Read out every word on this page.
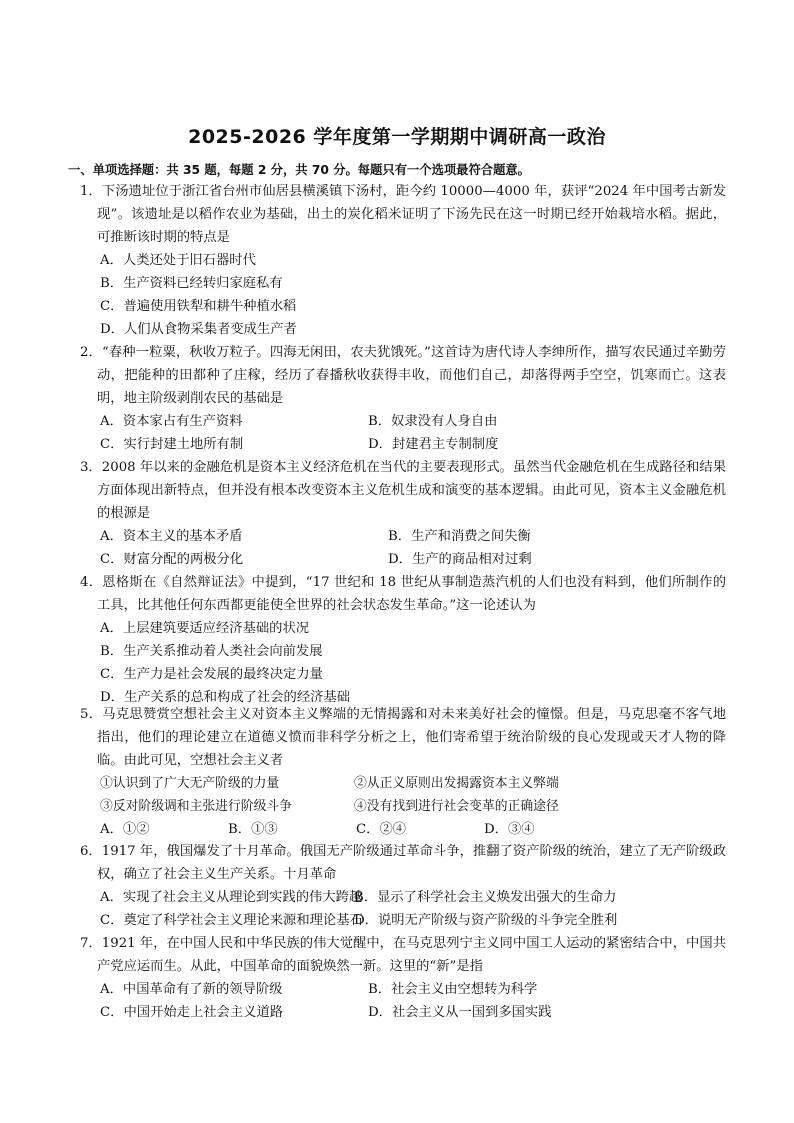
2025-2026 学年度第一学期期中调研高一政治
一、单项选择题：共 35 题，每题 2 分，共 70 分。每题只有一个选项最符合题意。
1．下汤遗址位于浙江省台州市仙居县横溪镇下汤村，距今约 10000—4000 年，获评“2024 年中国考古新发现”。该遗址是以稻作农业为基础，出土的炭化稻米证明了下汤先民在这一时期已经开始栽培水稻。据此，可推断该时期的特点是
A．人类还处于旧石器时代
B．生产资料已经转归家庭私有
C．普遍使用铁犁和耕牛种植水稻
D．人们从食物采集者变成生产者
2．“春种一粒粟，秋收万粒子。四海无闲田，农夫犹饿死。”这首诗为唐代诗人李绅所作，描写农民通过辛勤劳动，把能种的田都种了庄稼，经历了春播秋收获得丰收，而他们自己，却落得两手空空，饥寒而亡。这表明，地主阶级剥削农民的基础是
A．资本家占有生产资料	B．奴隶没有人身自由
C．实行封建土地所有制	D．封建君主专制制度
3．2008 年以来的金融危机是资本主义经济危机在当代的主要表现形式。虽然当代金融危机在生成路径和结果方面体现出新特点，但并没有根本改变资本主义危机生成和演变的基本逻辑。由此可见，资本主义金融危机的根源是
A．资本主义的基本矛盾	B．生产和消费之间失衡
C．财富分配的两极分化	D．生产的商品相对过剩
4．恩格斯在《自然辩证法》中提到，“17 世纪和 18 世纪从事制造蒸汽机的人们也没有料到，他们所制作的工具，比其他任何东西都更能使全世界的社会状态发生革命。”这一论述认为
A．上层建筑要适应经济基础的状况
B．生产关系推动着人类社会向前发展
C．生产力是社会发展的最终决定力量
D．生产关系的总和构成了社会的经济基础
5．马克思赞赏空想社会主义对资本主义弊端的无情揭露和对未来美好社会的憧憬。但是，马克思毫不客气地指出，他们的理论建立在道德义愤而非科学分析之上，他们寄希望于统治阶级的良心发现或天才人物的降临。由此可见，空想社会主义者
①认识到了广大无产阶级的力量	②从正义原则出发揭露资本主义弊端
③反对阶级调和主张进行阶级斗争	④没有找到进行社会变革的正确途径
A．①②	B．①③	C．②④	D．③④
6．1917 年，俄国爆发了十月革命。俄国无产阶级通过革命斗争，推翻了资产阶级的统治，建立了无产阶级政权，确立了社会主义生产关系。十月革命
A．实现了社会主义从理论到实践的伟大跨越
B．显示了科学社会主义焕发出强大的生命力
C．奠定了科学社会主义理论来源和理论基石
D．说明无产阶级与资产阶级的斗争完全胜利
7．1921 年，在中国人民和中华民族的伟大觉醒中，在马克思列宁主义同中国工人运动的紧密结合中，中国共产党应运而生。从此，中国革命的面貌焕然一新。这里的“新”是指
A．中国革命有了新的领导阶级	B．社会主义由空想转为科学
C．中国开始走上社会主义道路	D．社会主义从一国到多国实践
